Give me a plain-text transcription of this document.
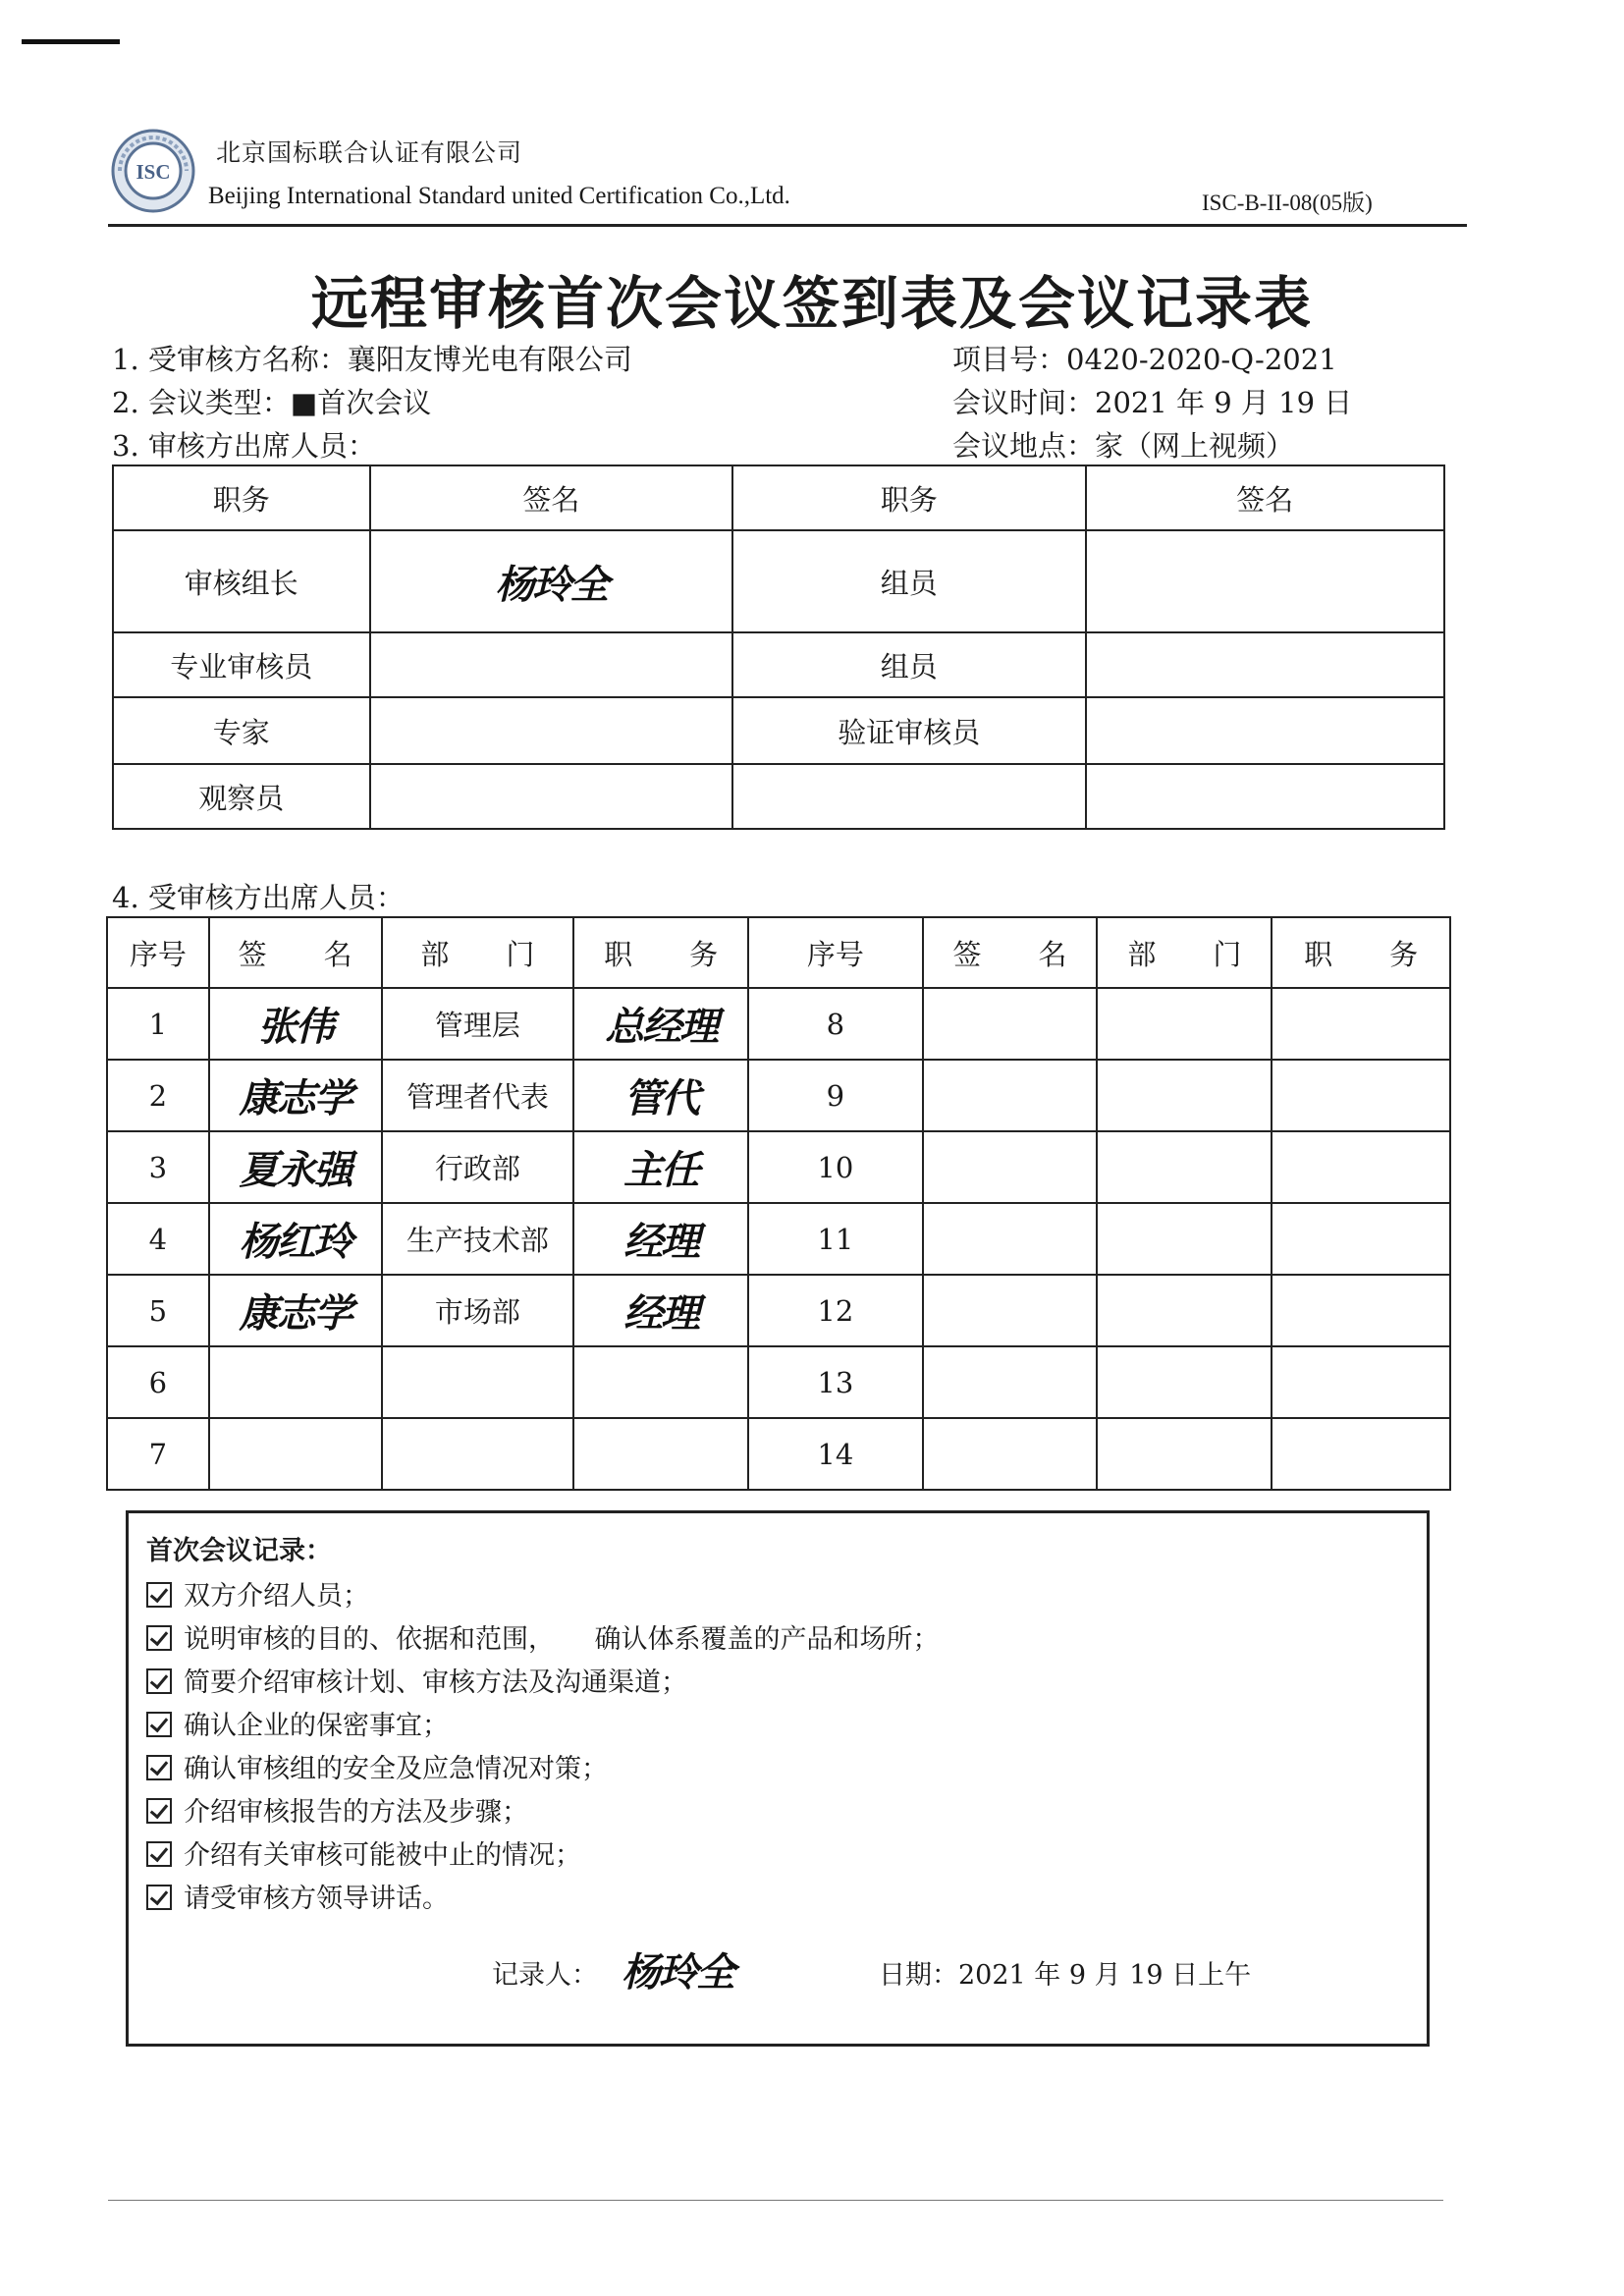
ISC
北京国标联合认证有限公司
Beijing International Standard united Certification Co.,Ltd.	ISC-B-II-08(05版)
远程审核首次会议签到表及会议记录表
1. 受审核方名称：襄阳友博光电有限公司	项目号：0420-2020-Q-2021
2. 会议类型：■首次会议	会议时间：2021 年 9 月 19 日
3. 审核方出席人员：	会议地点：家（网上视频）
职务	签名	职务	签名
审核组长	杨玲全	组员	
专业审核员		组员	
专家		验证审核员	
观察员			
4. 受审核方出席人员：
序号	签　　名	部　　门	职　　务	序号	签　　名	部　　门	职　　务
1	张伟	管理层	总经理	8			
2	康志学	管理者代表	管代	9			
3	夏永强	行政部	主任	10			
4	杨红玲	生产技术部	经理	11			
5	康志学	市场部	经理	12			
6				13			
7				14			
首次会议记录：
双方介绍人员；
说明审核的目的、依据和范围，　　确认体系覆盖的产品和场所；
简要介绍审核计划、审核方法及沟通渠道；
确认企业的保密事宜；
确认审核组的安全及应急情况对策；
介绍审核报告的方法及步骤；
介绍有关审核可能被中止的情况；
请受审核方领导讲话。
记录人： 杨玲全	日期：2021 年 9 月 19 日上午
